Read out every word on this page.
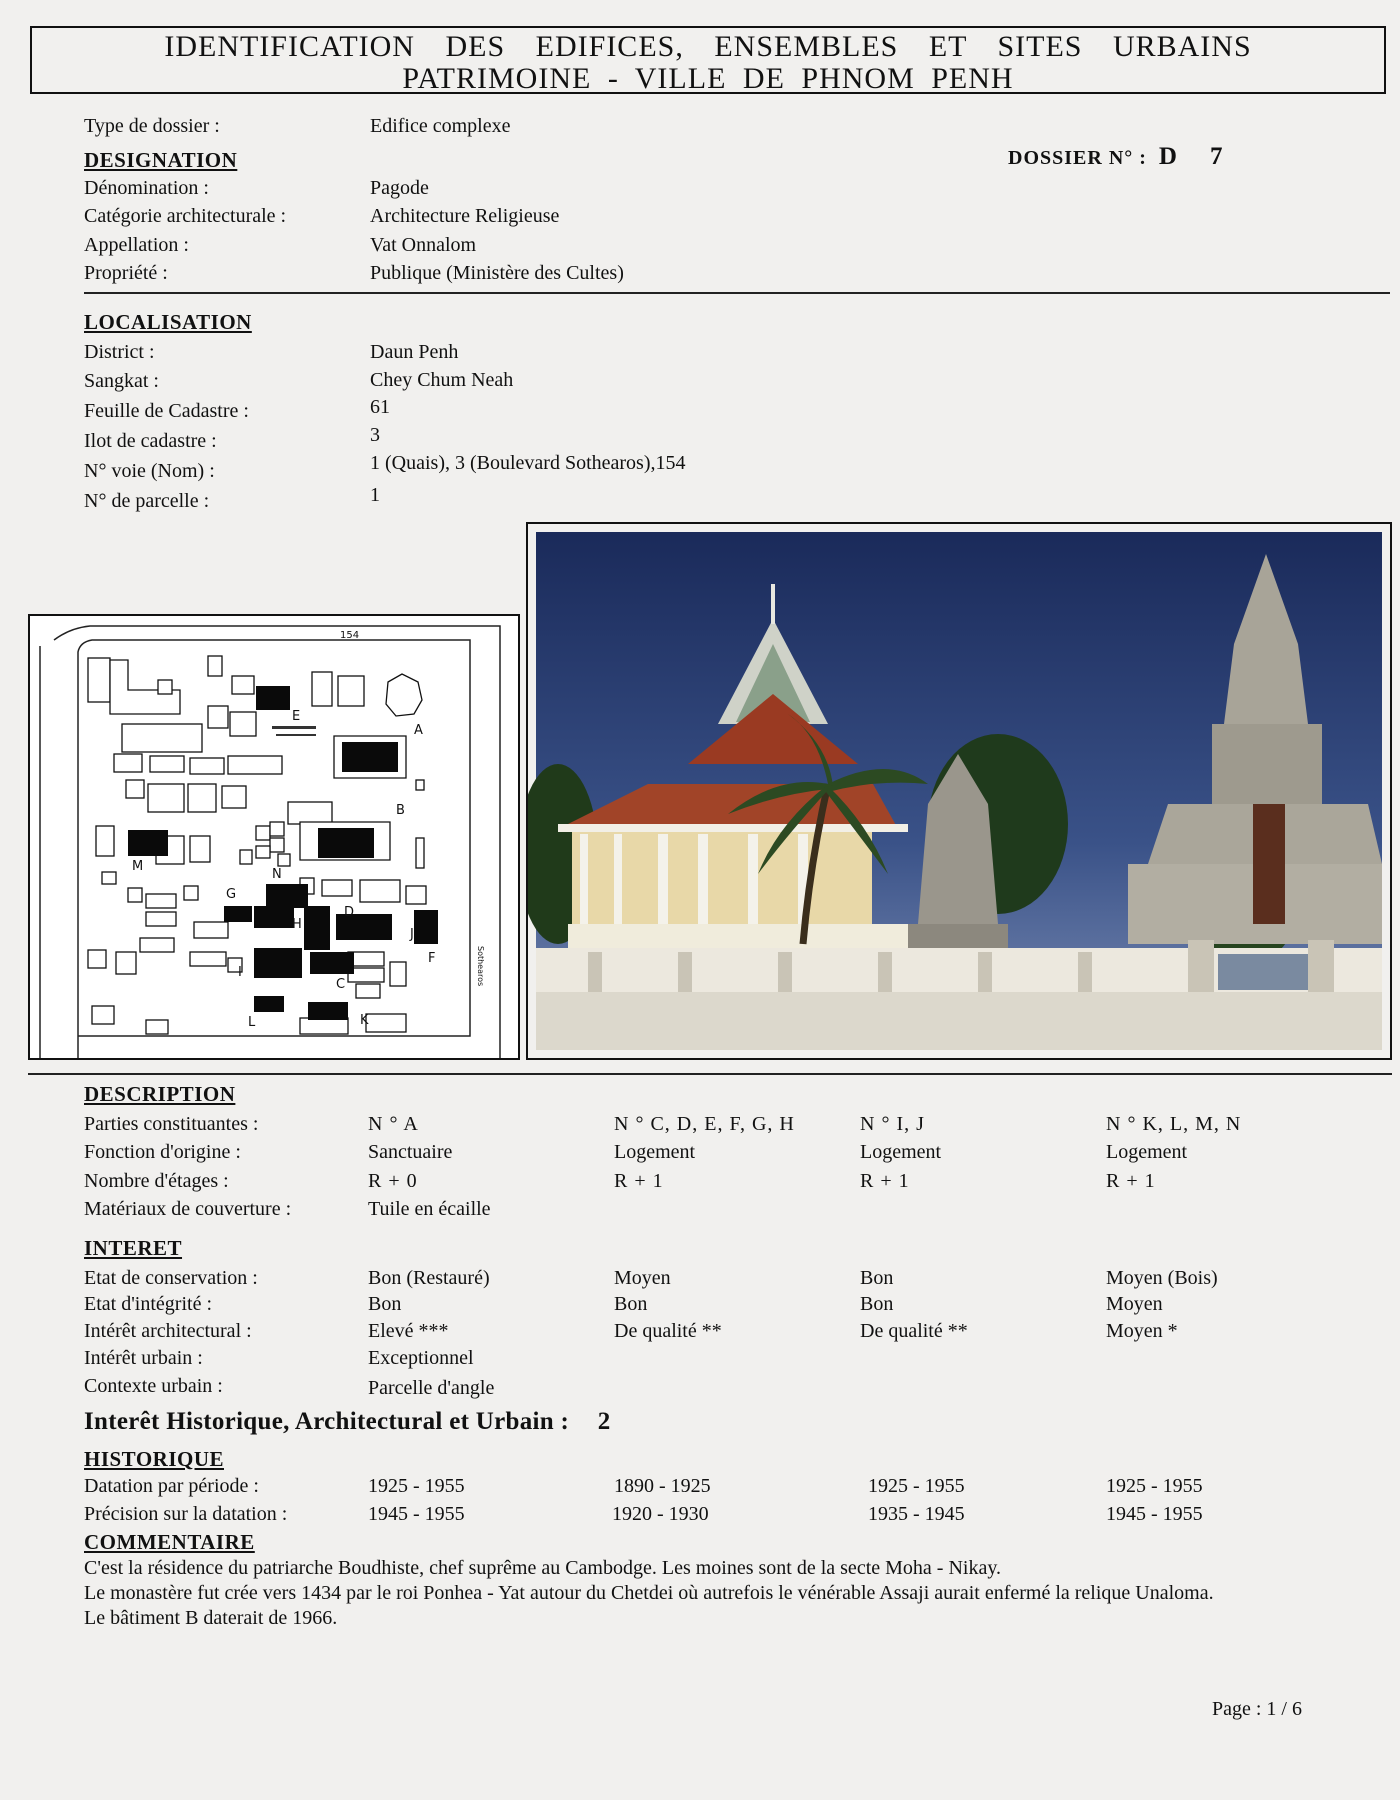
IDENTIFICATION DES EDIFICES, ENSEMBLES ET SITES URBAINS
PATRIMOINE - VILLE DE PHNOM PENH
Type de dossier :	Edifice complexe
DESIGNATION	DOSSIER N° : D 7
Dénomination :	Pagode
Catégorie architecturale :	Architecture Religieuse
Appellation :	Vat Onnalom
Propriété :	Publique (Ministère des Cultes)
LOCALISATION
District :	Daun Penh
Sangkat :	Chey Chum Neah
Feuille de Cadastre :	61
Ilot de cadastre :	3
N° voie (Nom) :	1 (Quais), 3 (Boulevard Sothearos),154
N° de parcelle :	1
154
Sothearos
A
B
C
D
E
F
G
H
I
J
K
L
M
N
DESCRIPTION
Parties constituantes :	N ° A	N ° C, D, E, F, G, H	N ° I, J	N ° K, L, M, N
Fonction d'origine :	Sanctuaire	Logement	Logement	Logement
Nombre d'étages :	R + 0	R + 1	R + 1	R + 1
Matériaux de couverture :	Tuile en écaille
INTERET
Etat de conservation :	Bon (Restauré)	Moyen	Bon	Moyen (Bois)
Etat d'intégrité :	Bon	Bon	Bon	Moyen
Intérêt architectural :	Elevé ***	De qualité **	De qualité **	Moyen *
Intérêt urbain :	Exceptionnel
Contexte urbain :	Parcelle d'angle
Interêt Historique, Architectural et Urbain : 2
HISTORIQUE
Datation par période :	1925 - 1955	1890 - 1925	1925 - 1955	1925 - 1955
Précision sur la datation :	1945 - 1955	1920 - 1930	1935 - 1945	1945 - 1955
COMMENTAIRE
C'est la résidence du patriarche Boudhiste, chef suprême au Cambodge. Les moines sont de la secte Moha - Nikay.
Le monastère fut crée vers 1434 par le roi Ponhea - Yat autour du Chetdei où autrefois le vénérable Assaji aurait enfermé la relique Unaloma.
Le bâtiment B daterait de 1966.
Page : 1 / 6
